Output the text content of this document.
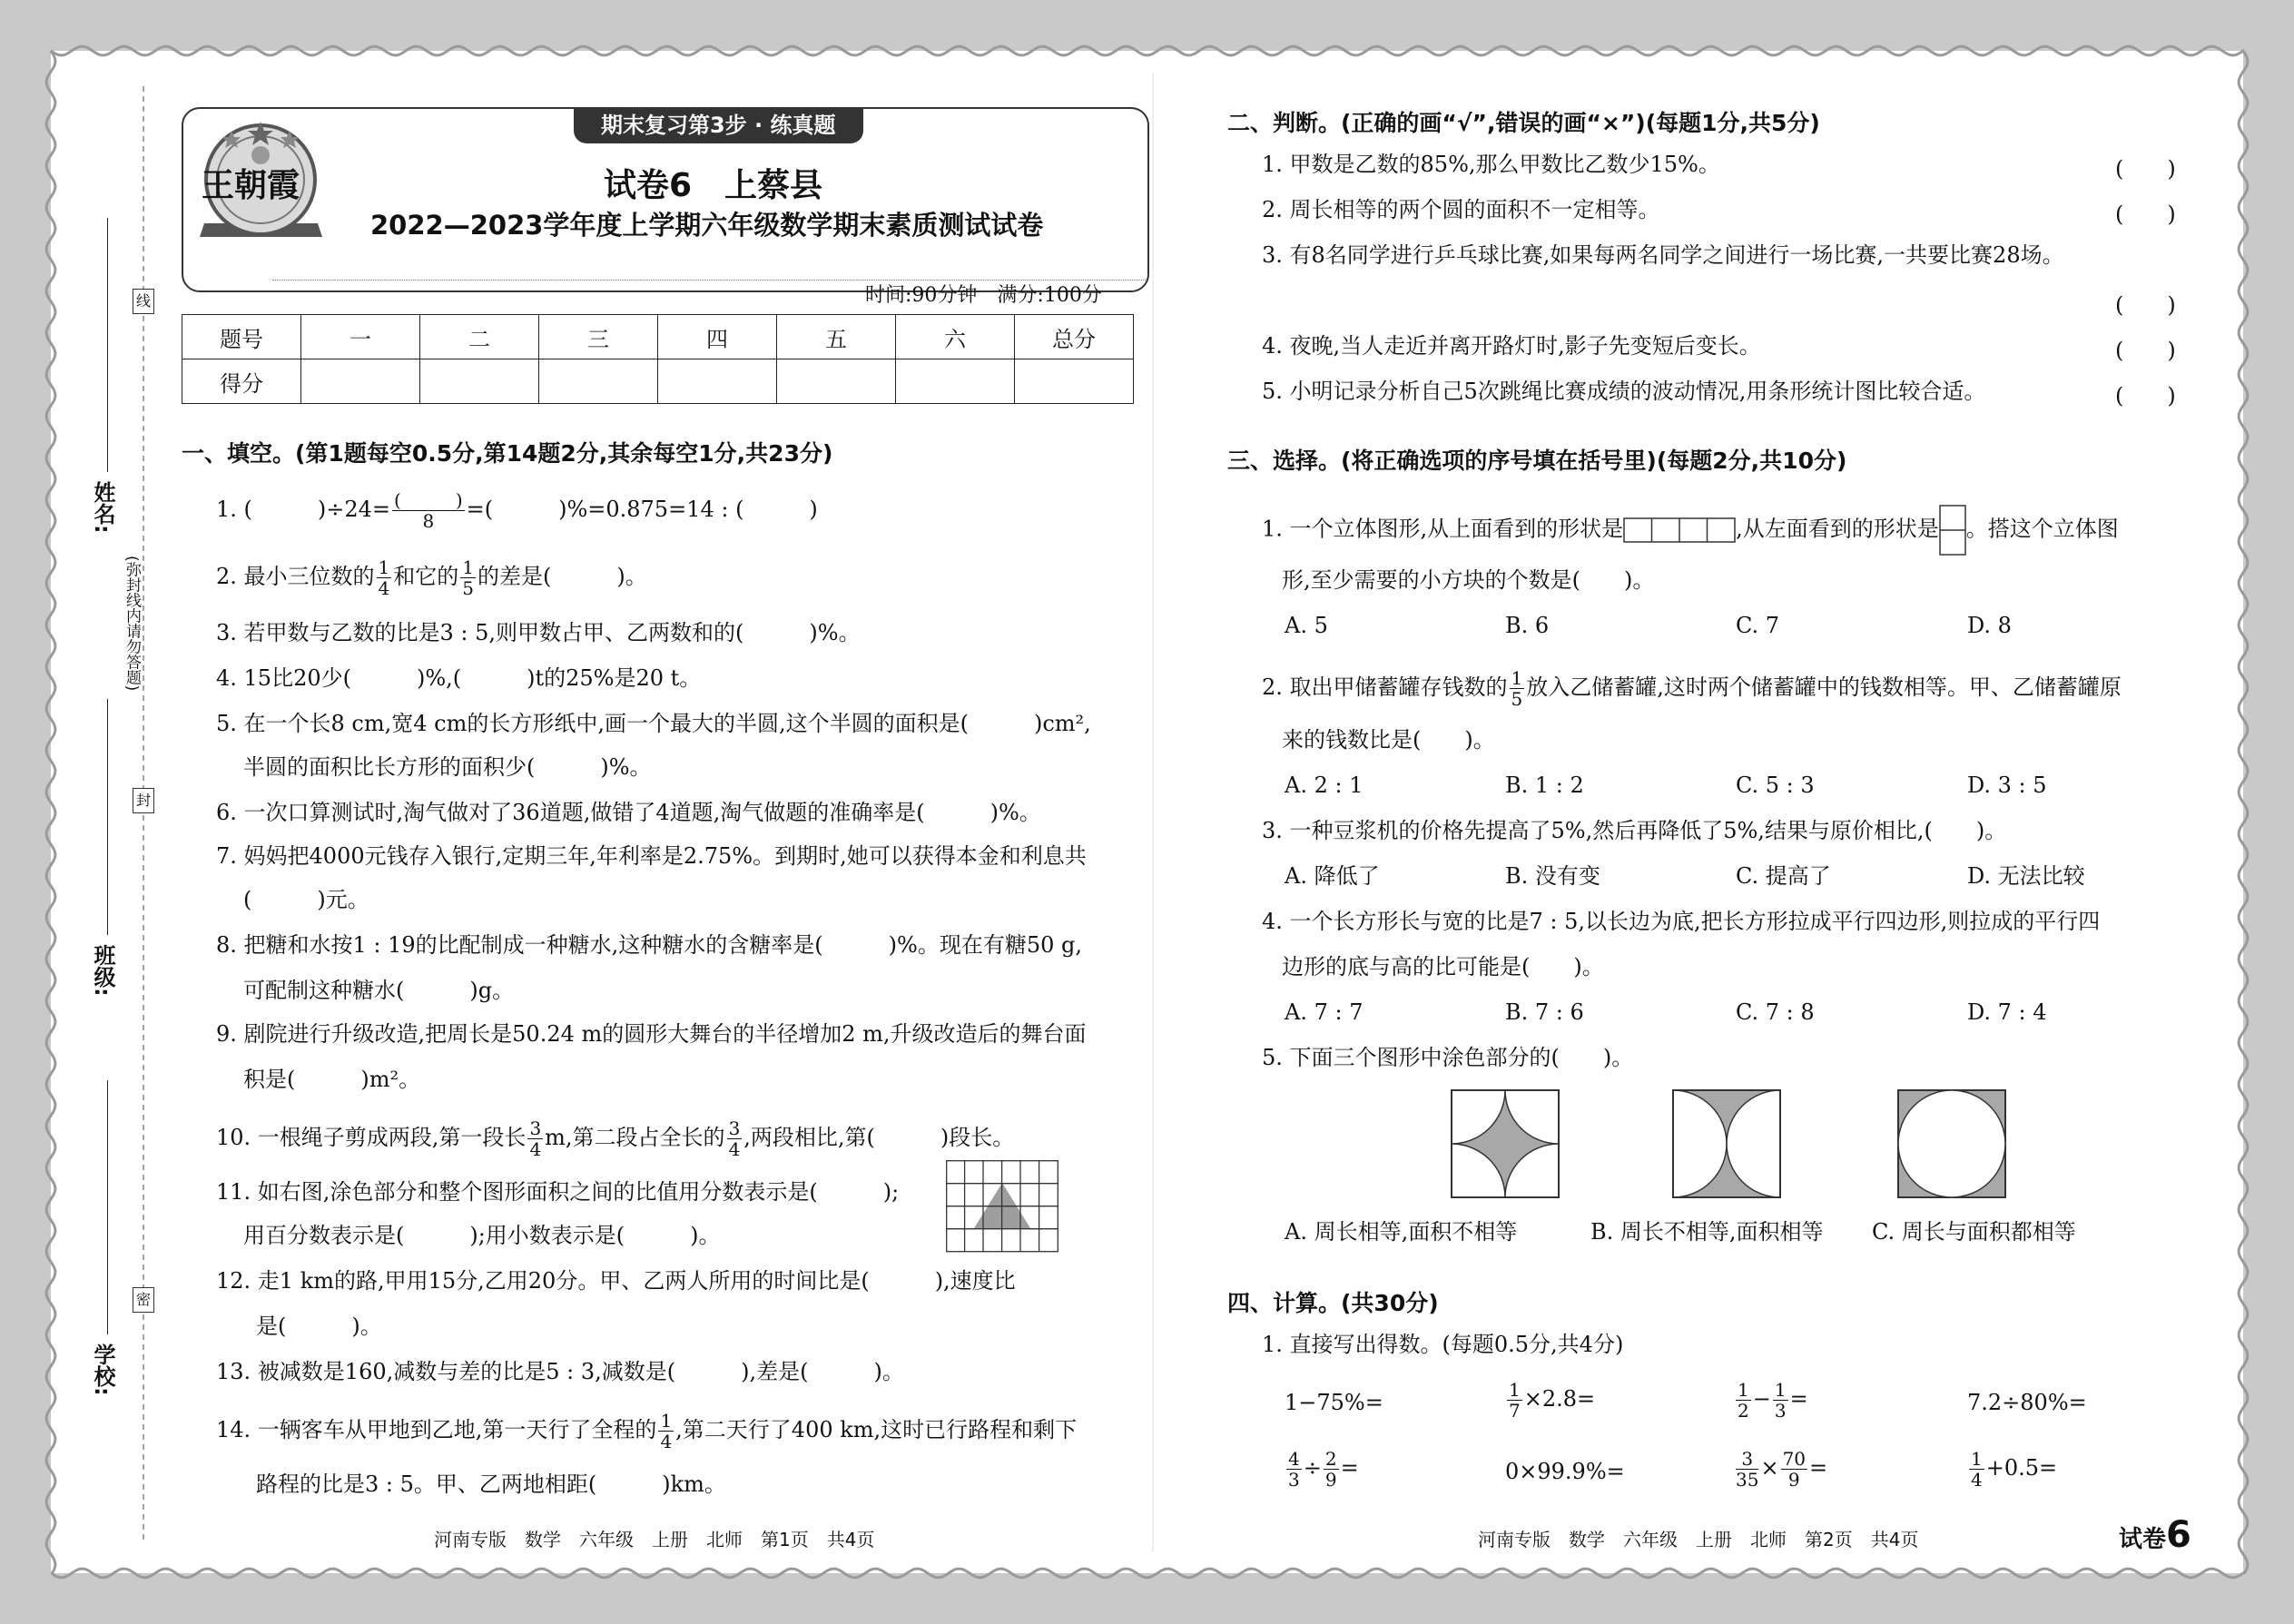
姓名:
班级:
学校:
线
封
密
(弥封线内请勿答题)
王朝霞
期末复习第3步 · 练真题
试卷6　上蔡县
2022—2023学年度上学期六年级数学期末素质测试试卷
时间:90分钟　满分:100分
题号	一	二	三	四	五	六	总分
得分							
一、填空。(第1题每空0.5分,第14题2分,其余每空1分,共23分)
1. (　　　)$\div 24= \frac{( )}{8}$ =(　　　)%=0.875=14 : (　　　)
2. 最小三位数的 $\frac{1}{4}$ 和它的 $\frac{1}{5}$ 的差是(　　　)。
3. 若甲数与乙数的比是3 : 5,则甲数占甲、乙两数和的(　　　)%。
4. 15比20少(　　　)%,(　　　)t的25%是20 t。
5. 在一个长8 cm,宽4 cm的长方形纸中,画一个最大的半圆,这个半圆的面积是(　　　)cm²,
半圆的面积比长方形的面积少(　　　)%。
6. 一次口算测试时,淘气做对了36道题,做错了4道题,淘气做题的准确率是(　　　)%。
7. 妈妈把4000元钱存入银行,定期三年,年利率是2.75%。到期时,她可以获得本金和利息共
(　　　)元。
8. 把糖和水按1 : 19的比配制成一种糖水,这种糖水的含糖率是(　　　)%。现在有糖50 g,
可配制这种糖水(　　　)g。
9. 剧院进行升级改造,把周长是50.24 m的圆形大舞台的半径增加2 m,升级改造后的舞台面
积是(　　　)m²。
10. 一根绳子剪成两段,第一段长 $\frac{3}{4} m$,第二段占全长的 $\frac{3}{4}$ ,两段相比,第(　　　)段长。
11. 如右图,涂色部分和整个图形面积之间的比值用分数表示是(　　　);
用百分数表示是(　　　);用小数表示是(　　　)。
12. 走1 km的路,甲用15分,乙用20分。甲、乙两人所用的时间比是(　　　),速度比
是(　　　)。
13. 被减数是160,减数与差的比是5 : 3,减数是(　　　),差是(　　　)。
14. 一辆客车从甲地到乙地,第一天行了全程的 $\frac{1}{4}$ ,第二天行了400 km,这时已行路程和剩下
路程的比是3 : 5。甲、乙两地相距(　　　)km。
河南专版　数学　六年级　上册　北师　第1页　共4页
二、判断。(正确的画“√”,错误的画“×”)(每题1分,共5分)
1. 甲数是乙数的85%,那么甲数比乙数少15%。	(　　)
2. 周长相等的两个圆的面积不一定相等。	(　　)
3. 有8名同学进行乒乓球比赛,如果每两名同学之间进行一场比赛,一共要比赛28场。
(　　)
4. 夜晚,当人走近并离开路灯时,影子先变短后变长。	(　　)
5. 小明记录分析自己5次跳绳比赛成绩的波动情况,用条形统计图比较合适。	(　　)
三、选择。(将正确选项的序号填在括号里)(每题2分,共10分)
1. 一个立体图形,从上面看到的形状是	,从左面看到的形状是 。搭这个立体图
形,至少需要的小方块的个数是(　　)。
A. 5	B. 6	C. 7	D. 8
2. 取出甲储蓄罐存钱数的 $\frac{1}{5}$ 放入乙储蓄罐,这时两个储蓄罐中的钱数相等。甲、乙储蓄罐原
来的钱数比是(　　)。
A. 2 : 1	B. 1 : 2	C. 5 : 3	D. 3 : 5
3. 一种豆浆机的价格先提高了5%,然后再降低了5%,结果与原价相比,(　　)。
A. 降低了	B. 没有变	C. 提高了	D. 无法比较
4. 一个长方形长与宽的比是7 : 5,以长边为底,把长方形拉成平行四边形,则拉成的平行四
边形的底与高的比可能是(　　)。
A. 7 : 7	B. 7 : 6	C. 7 : 8	D. 7 : 4
5. 下面三个图形中涂色部分的(　　)。
A. 周长相等,面积不相等	B. 周长不相等,面积相等 C. 周长与面积都相等
四、计算。(共30分)
1. 直接写出得数。(每题0.5分,共4分)
1−75%=	$\frac{1}{7} \times 2.8=$	$\frac{1}{2} - \frac{1}{3}$ =	7.2÷80%=
$\frac{4}{3} \div \frac{2}{9}$ =	0×99.9%=	$\frac{3}{35} \times \frac{70}{9}$ =	$\frac{1}{4} +0.5=$
河南专版　数学　六年级　上册　北师　第2页　共4页	试卷6
